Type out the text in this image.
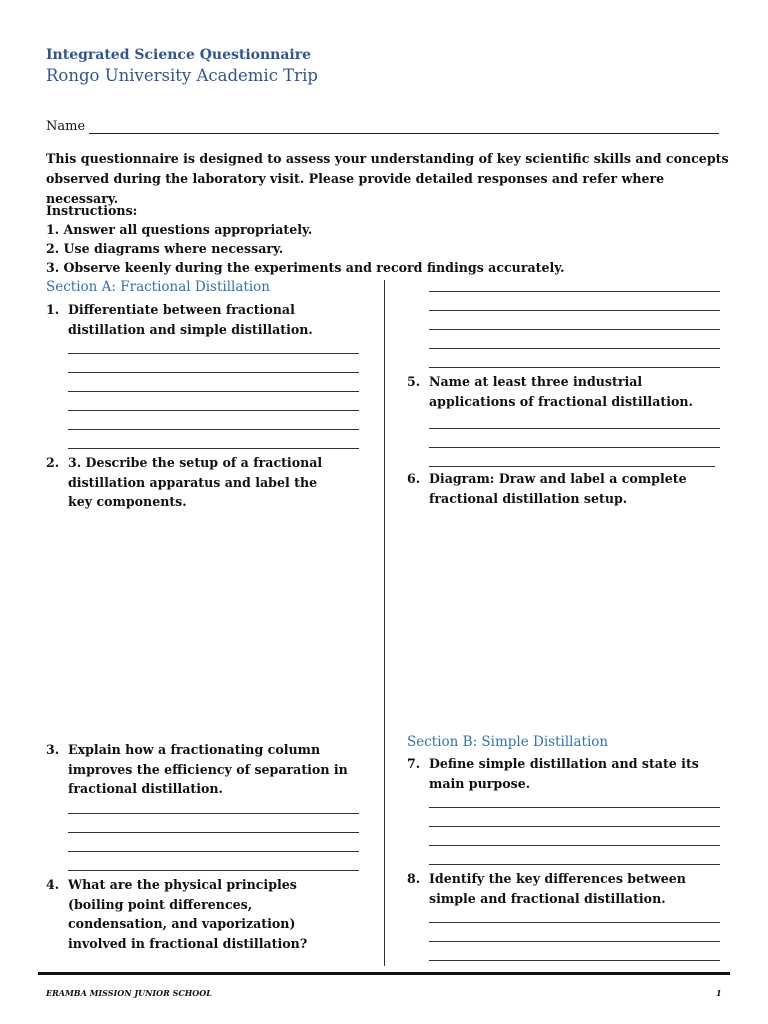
Integrated Science Questionnaire
Rongo University Academic Trip
Name
This questionnaire is designed to assess your understanding of key scientific skills and concepts observed during the laboratory visit. Please provide detailed responses and refer where necessary.
Instructions:
1. Answer all questions appropriately.
2. Use diagrams where necessary.
3. Observe keenly during the experiments and record findings accurately.
Section A: Fractional Distillation
1. Differentiate between fractional distillation and simple distillation.
2. 3. Describe the setup of a fractional distillation apparatus and label the key components.
3. Explain how a fractionating column improves the efficiency of separation in fractional distillation.
4. What are the physical principles (boiling point differences, condensation, and vaporization) involved in fractional distillation?
5. Name at least three industrial applications of fractional distillation.
6. Diagram: Draw and label a complete fractional distillation setup.
Section B: Simple Distillation
7. Define simple distillation and state its main purpose.
8. Identify the key differences between simple and fractional distillation.
ERAMBA MISSION JUNIOR SCHOOL	1
